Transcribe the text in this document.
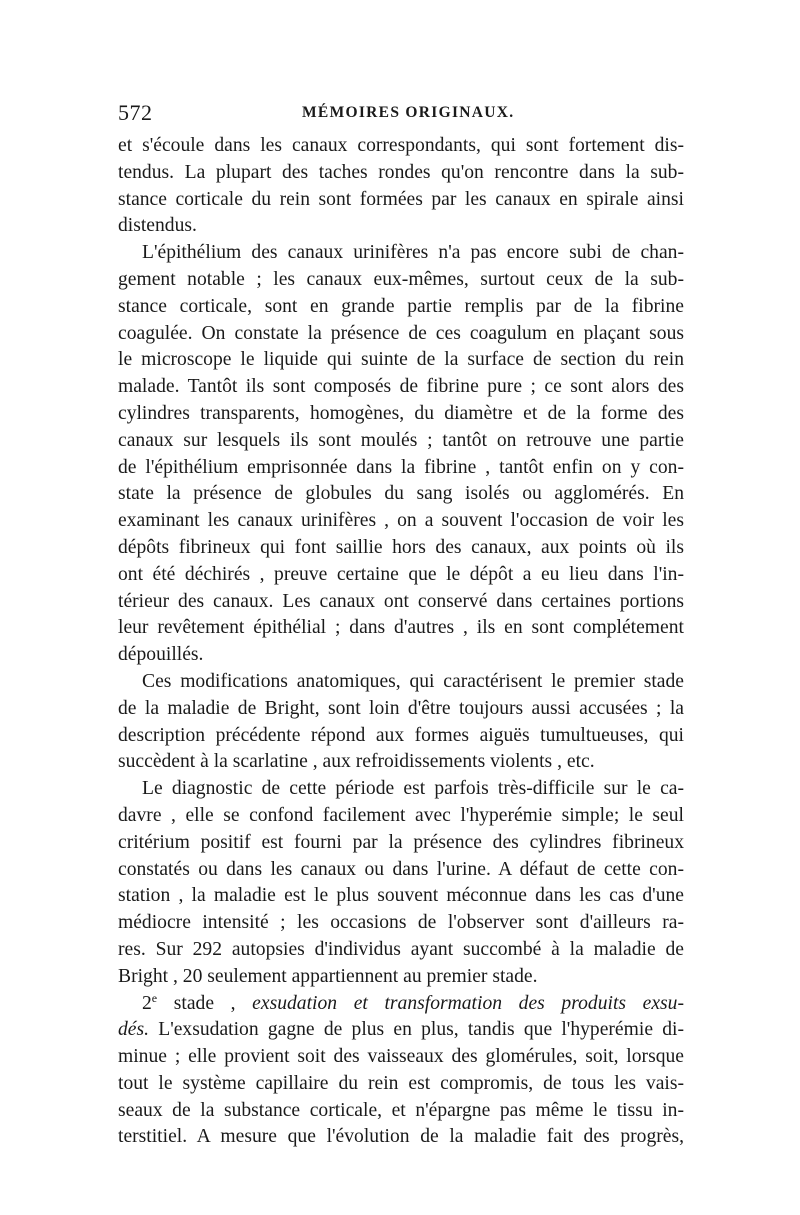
572	MÉMOIRES ORIGINAUX.
et s'écoule dans les canaux correspondants, qui sont fortement dis-
tendus. La plupart des taches rondes qu'on rencontre dans la sub-
stance corticale du rein sont formées par les canaux en spirale ainsi
distendus.
L'épithélium des canaux urinifères n'a pas encore subi de chan-
gement notable ; les canaux eux-mêmes, surtout ceux de la sub-
stance corticale, sont en grande partie remplis par de la fibrine
coagulée. On constate la présence de ces coagulum en plaçant sous
le microscope le liquide qui suinte de la surface de section du rein
malade. Tantôt ils sont composés de fibrine pure ; ce sont alors des
cylindres transparents, homogènes, du diamètre et de la forme des
canaux sur lesquels ils sont moulés ; tantôt on retrouve une partie
de l'épithélium emprisonnée dans la fibrine , tantôt enfin on y con-
state la présence de globules du sang isolés ou agglomérés. En
examinant les canaux urinifères , on a souvent l'occasion de voir les
dépôts fibrineux qui font saillie hors des canaux, aux points où ils
ont été déchirés , preuve certaine que le dépôt a eu lieu dans l'in-
térieur des canaux. Les canaux ont conservé dans certaines portions
leur revêtement épithélial ; dans d'autres , ils en sont complétement
dépouillés.
Ces modifications anatomiques, qui caractérisent le premier stade
de la maladie de Bright, sont loin d'être toujours aussi accusées ; la
description précédente répond aux formes aiguës tumultueuses, qui
succèdent à la scarlatine , aux refroidissements violents , etc.
Le diagnostic de cette période est parfois très-difficile sur le ca-
davre , elle se confond facilement avec l'hyperémie simple; le seul
critérium positif est fourni par la présence des cylindres fibrineux
constatés ou dans les canaux ou dans l'urine. A défaut de cette con-
station , la maladie est le plus souvent méconnue dans les cas d'une
médiocre intensité ; les occasions de l'observer sont d'ailleurs ra-
res. Sur 292 autopsies d'individus ayant succombé à la maladie de
Bright , 20 seulement appartiennent au premier stade.
2e stade , exsudation et transformation des produits exsu-
dés. L'exsudation gagne de plus en plus, tandis que l'hyperémie di-
minue ; elle provient soit des vaisseaux des glomérules, soit, lorsque
tout le système capillaire du rein est compromis, de tous les vais-
seaux de la substance corticale, et n'épargne pas même le tissu in-
terstitiel. A mesure que l'évolution de la maladie fait des progrès,
